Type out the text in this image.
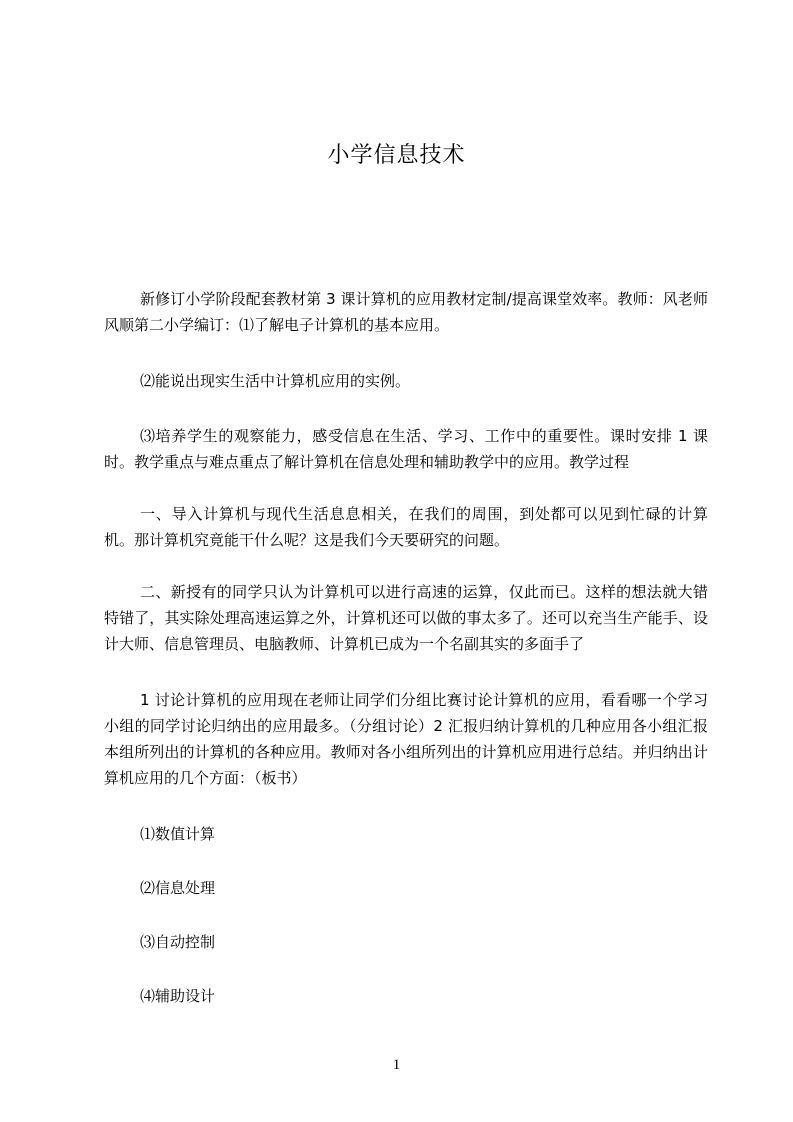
小学信息技术

新修订小学阶段配套教材第 3 课计算机的应用教材定制/提高课堂效率。教师：风老师风顺第二小学编订：⑴了解电子计算机的基本应用。

⑵能说出现实生活中计算机应用的实例。

⑶培养学生的观察能力，感受信息在生活、学习、工作中的重要性。课时安排 1 课时。教学重点与难点重点了解计算机在信息处理和辅助教学中的应用。教学过程

一、导入计算机与现代生活息息相关，在我们的周围，到处都可以见到忙碌的计算机。那计算机究竟能干什么呢？这是我们今天要研究的问题。

二、新授有的同学只认为计算机可以进行高速的运算，仅此而已。这样的想法就大错特错了，其实除处理高速运算之外，计算机还可以做的事太多了。还可以充当生产能手、设计大师、信息管理员、电脑教师、计算机已成为一个名副其实的多面手了

1 讨论计算机的应用现在老师让同学们分组比赛讨论计算机的应用，看看哪一个学习小组的同学讨论归纳出的应用最多。（分组讨论）2 汇报归纳计算机的几种应用各小组汇报本组所列出的计算机的各种应用。教师对各小组所列出的计算机应用进行总结。并归纳出计算机应用的几个方面：（板书）

⑴数值计算

⑵信息处理

⑶自动控制

⑷辅助设计

1
